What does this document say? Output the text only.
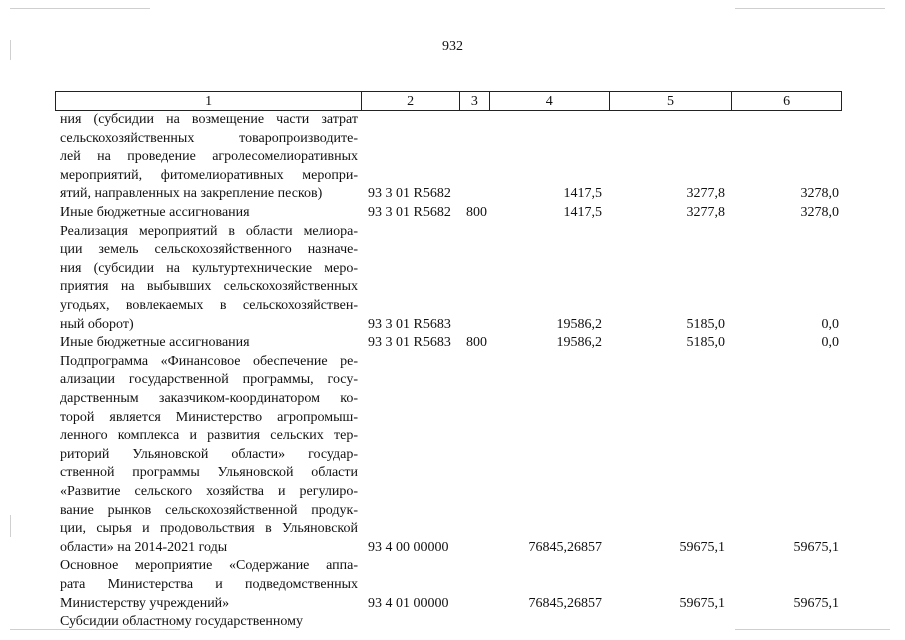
932
1	2	3	4	5	6
ния (субсидии на возмещение части затрат
сельскохозяйственных товаропроизводите-
лей на проведение агролесомелиоративных
мероприятий, фитомелиоративных меропри-
ятий, направленных на закрепление песков)	93 3 01 R5682	1417,5	3277,8	3278,0
Иные бюджетные ассигнования	93 3 01 R5682 800	1417,5	3277,8	3278,0
Реализация мероприятий в области мелиора-
ции земель сельскохозяйственного назначе-
ния (субсидии на культуртехнические меро-
приятия на выбывших сельскохозяйственных
угодьях, вовлекаемых в сельскохозяйствен-
ный оборот)	93 3 01 R5683	19586,2	5185,0	0,0
Иные бюджетные ассигнования	93 3 01 R5683 800	19586,2	5185,0	0,0
Подпрограмма «Финансовое обеспечение ре-
ализации государственной программы, госу-
дарственным заказчиком-координатором ко-
торой является Министерство агропромыш-
ленного комплекса и развития сельских тер-
риторий Ульяновской области» государ-
ственной программы Ульяновской области
«Развитие сельского хозяйства и регулиро-
вание рынков сельскохозяйственной продук-
ции, сырья и продовольствия в Ульяновской
области» на 2014-2021 годы	93 4 00 00000	76845,26857	59675,1	59675,1
Основное мероприятие «Содержание аппа-
рата Министерства и подведомственных
Министерству учреждений»	93 4 01 00000	76845,26857	59675,1	59675,1
Субсидии областному государственному
